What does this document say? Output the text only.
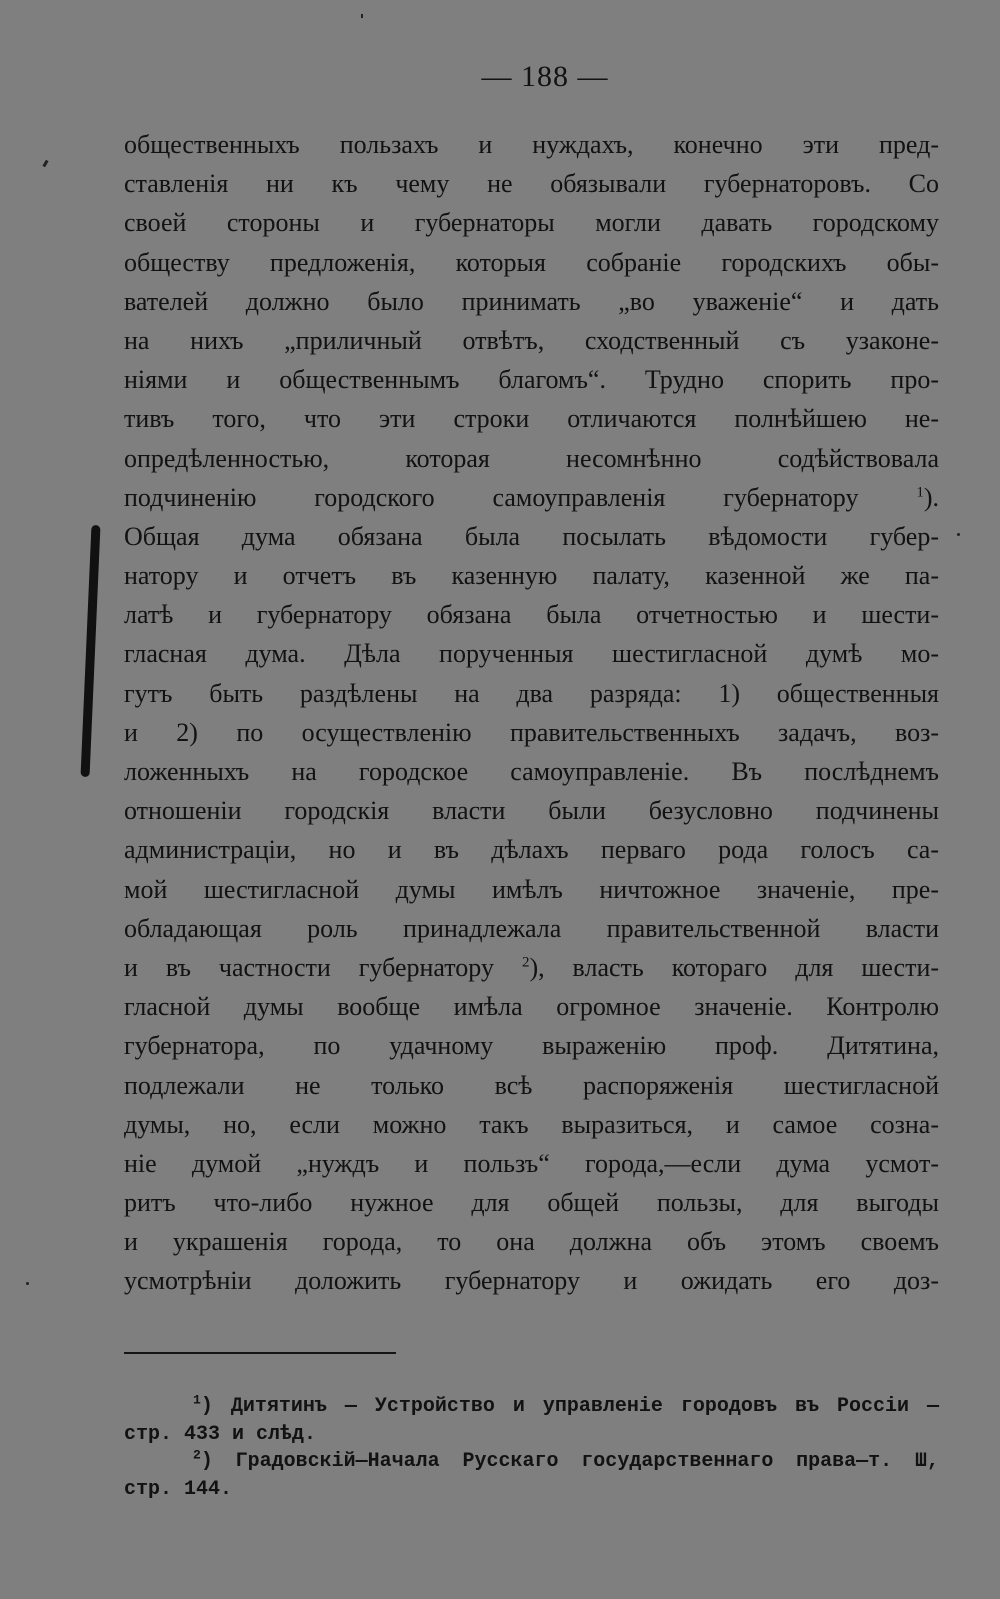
— 188 —
общественныхъ пользахъ и нуждахъ, конечно эти пред-
ставленія ни къ чему не обязывали губернаторовъ. Со
своей стороны и губернаторы могли давать городскому
обществу предложенія, которыя собраніе городскихъ обы-
вателей должно было принимать „во уваженіе“ и дать
на нихъ „приличный отвѣтъ, сходственный съ узаконе-
ніями и общественнымъ благомъ“. Трудно спорить про-
тивъ того, что эти строки отличаются полнѣйшею не-
опредѣленностью, которая несомнѣнно содѣйствовала
подчиненію городского самоуправленія губернатору	$^1$).
Общая дума обязана была посылать вѣдомости губер-
натору и отчетъ въ казенную палату, казенной же па-
латѣ и губернатору обязана была отчетностью и шести-
гласная дума. Дѣла порученныя шестигласной думѣ мо-
гутъ быть раздѣлены на два разряда: 1) общественныя
и 2) по осуществленію правительственныхъ задачъ, воз-
ложенныхъ на городское самоуправленіе. Въ послѣднемъ
отношеніи городскія власти были безусловно подчинены
администраціи, но и въ дѣлахъ перваго рода голосъ са-
мой шестигласной думы имѣлъ ничтожное значеніе, пре-
обладающая роль принадлежала правительственной власти
и въ частности губернатору $^2$), власть котораго для шести-
гласной думы вообще имѣла огромное значеніе. Контролю
губернатора, по удачному выраженію проф. Дитятина,
подлежали не только всѣ распоряженія шестигласной
думы, но, если можно такъ выразиться, и самое созна-
ніе думой „нуждъ и пользъ“ города,—если дума усмот-
ритъ что-либо нужное для общей пользы, для выгоды
и украшенія города, то она должна объ этомъ своемъ
усмотрѣніи доложить губернатору и ожидать его доз-
$^1$) Дитятинъ — Устройство и управленіе городовъ въ Россіи —
стр. 433 и слѣд.
$^2$) Градовскій—Начала Русскаго государственнаго права—т. Ш,
стр. 144.
